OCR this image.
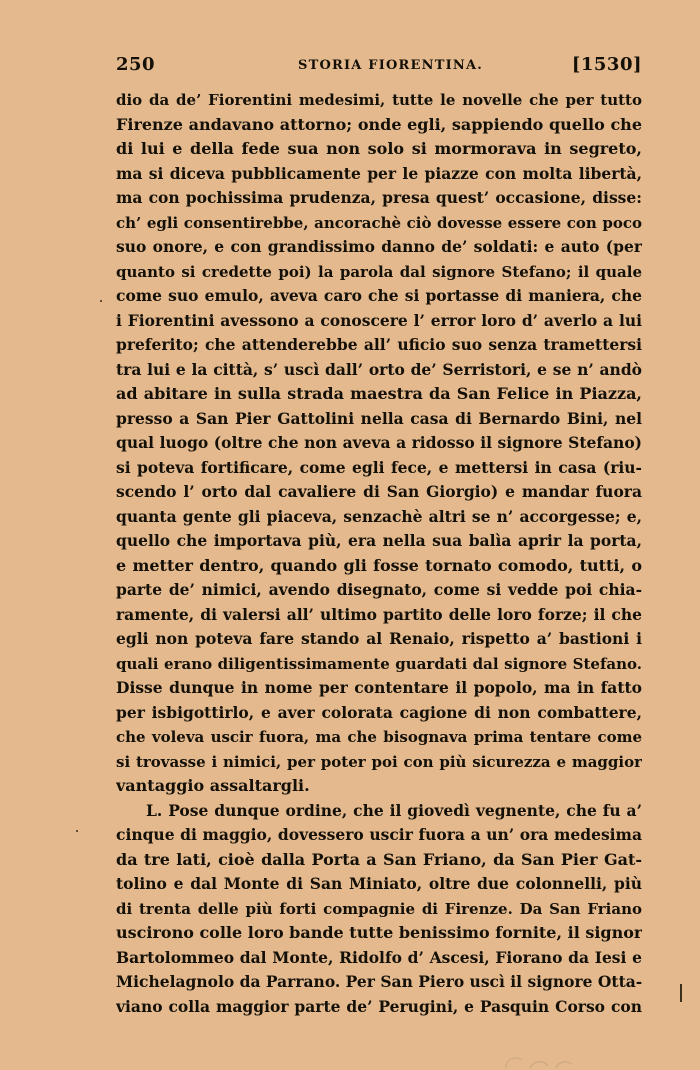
250	STORIA FIORENTINA.	[1530]
dio da de’ Fiorentini medesimi, tutte le novelle che per tutto
Firenze andavano attorno; onde egli, sappiendo quello che
di lui e della fede sua non solo si mormorava in segreto,
ma si diceva pubblicamente per le piazze con molta libertà,
ma con pochissima prudenza, presa quest’ occasione, disse:
ch’ egli consentirebbe, ancorachè ciò dovesse essere con poco
suo onore, e con grandissimo danno de’ soldati: e auto (per
quanto si credette poi) la parola dal signore Stefano; il quale
come suo emulo, aveva caro che si portasse di maniera, che
i Fiorentini avessono a conoscere l’ error loro d’ averlo a lui
preferito; che attenderebbe all’ uficio suo senza tramettersi
tra lui e la città, s’ uscì dall’ orto de’ Serristori, e se n’ andò
ad abitare in sulla strada maestra da San Felice in Piazza,
presso a San Pier Gattolini nella casa di Bernardo Bini, nel
qual luogo (oltre che non aveva a ridosso il signore Stefano)
si poteva fortificare, come egli fece, e mettersi in casa (riu-
scendo l’ orto dal cavaliere di San Giorgio) e mandar fuora
quanta gente gli piaceva, senzachè altri se n’ accorgesse; e,
quello che importava più, era nella sua balìa aprir la porta,
e metter dentro, quando gli fosse tornato comodo, tutti, o
parte de’ nimici, avendo disegnato, come si vedde poi chia-
ramente, di valersi all’ ultimo partito delle loro forze; il che
egli non poteva fare stando al Renaio, rispetto a’ bastioni i
quali erano diligentissimamente guardati dal signore Stefano.
Disse dunque in nome per contentare il popolo, ma in fatto
per isbigottirlo, e aver colorata cagione di non combattere,
che voleva uscir fuora, ma che bisognava prima tentare come
si trovasse i nimici, per poter poi con più sicurezza e maggior
vantaggio assaltargli.
L. Pose dunque ordine, che il giovedì vegnente, che fu a’
cinque di maggio, dovessero uscir fuora a un’ ora medesima
da tre lati, cioè dalla Porta a San Friano, da San Pier Gat-
tolino e dal Monte di San Miniato, oltre due colonnelli, più
di trenta delle più forti compagnie di Firenze. Da San Friano
uscirono colle loro bande tutte benissimo fornite, il signor
Bartolommeo dal Monte, Ridolfo d’ Ascesi, Fiorano da Iesi e
Michelagnolo da Parrano. Per San Piero uscì il signore Otta-
viano colla maggior parte de’ Perugini, e Pasquin Corso con
